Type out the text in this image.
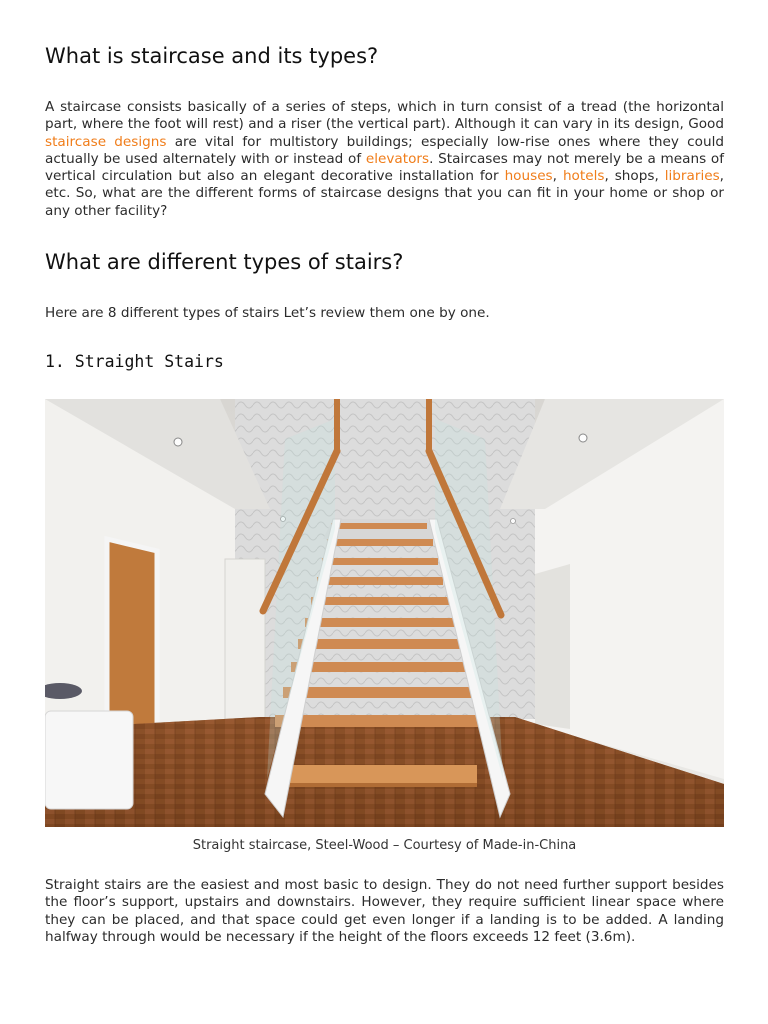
What is staircase and its types?

A staircase consists basically of a series of steps, which in turn consist of a tread (the horizontal part, where the foot will rest) and a riser (the vertical part). Although it can vary in its design, Good staircase designs are vital for multistory buildings; especially low-rise ones where they could actually be used alternately with or instead of elevators. Staircases may not merely be a means of vertical circulation but also an elegant decorative installation for houses, hotels, shops, libraries, etc. So, what are the different forms of staircase designs that you can fit in your home or shop or any other facility?

What are different types of stairs?

Here are 8 different types of stairs Let’s review them one by one.

1. Straight Stairs
Straight staircase, Steel-Wood – Courtesy of Made-in-China

Straight stairs are the easiest and most basic to design. They do not need further support besides the floor’s support, upstairs and downstairs. However, they require sufficient linear space where they can be placed, and that space could get even longer if a landing is to be added. A landing halfway through would be necessary if the height of the floors exceeds 12 feet (3.6m).
